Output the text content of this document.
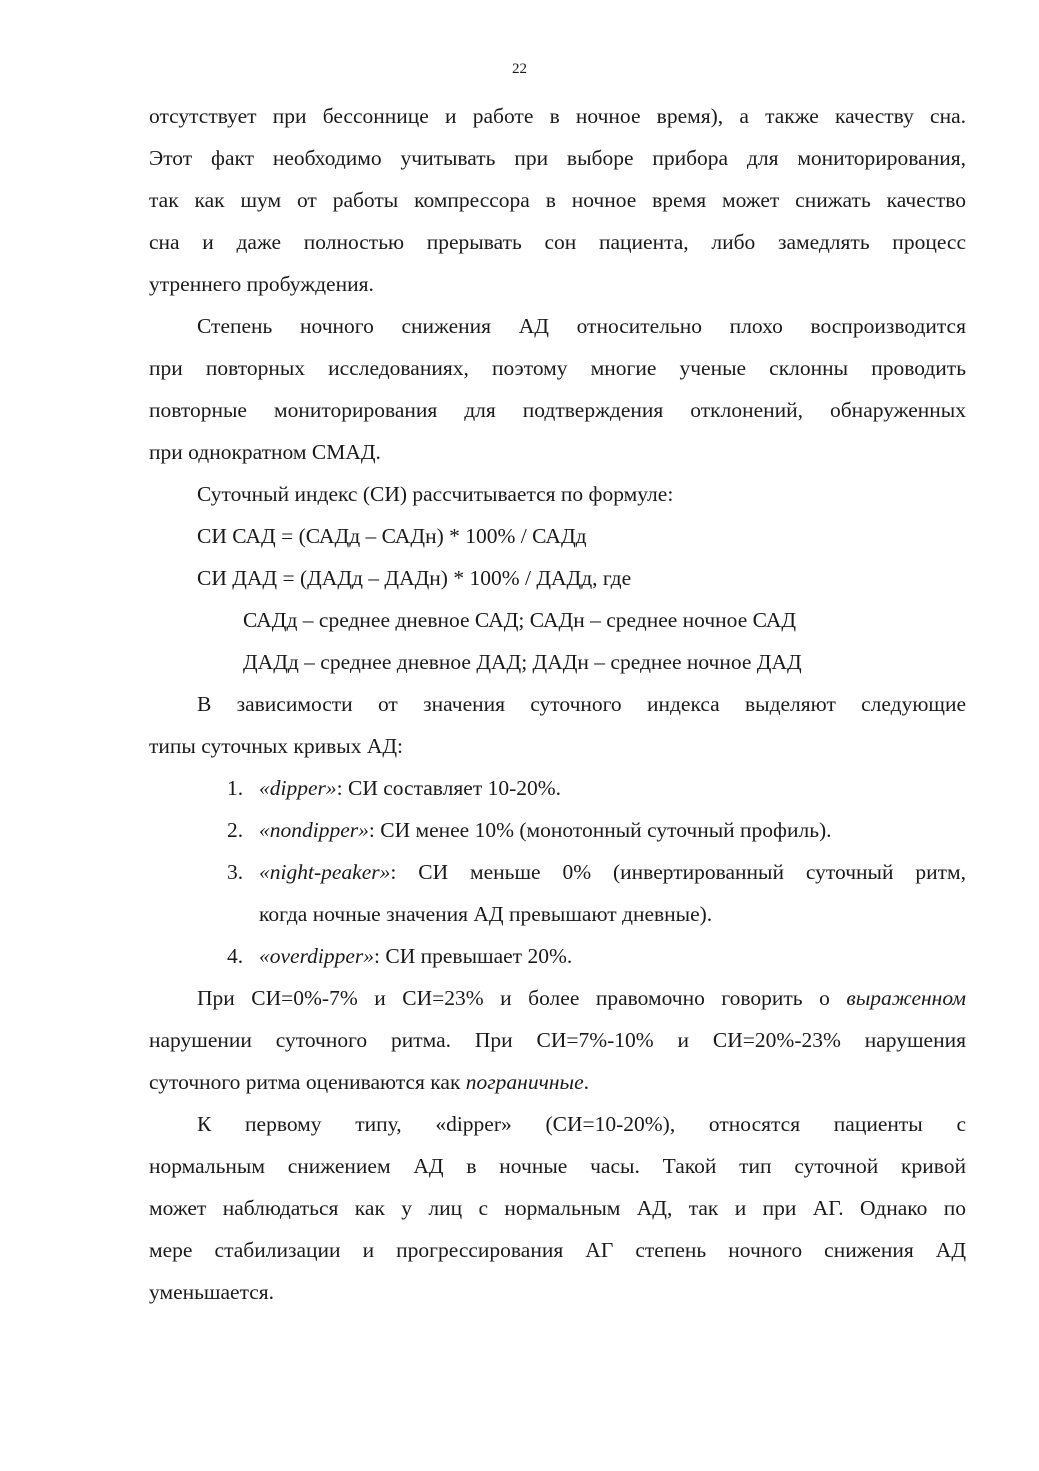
22
отсутствует при бессоннице и работе в ночное время), а также качеству сна.
Этот факт необходимо учитывать при выборе прибора для мониторирования,
так как шум от работы компрессора в ночное время может снижать качество
сна и даже полностью прерывать сон пациента, либо замедлять процесс
утреннего пробуждения.
Степень ночного снижения АД относительно плохо воспроизводится
при повторных исследованиях, поэтому многие ученые склонны проводить
повторные мониторирования для подтверждения отклонений, обнаруженных
при однократном СМАД.
Суточный индекс (СИ) рассчитывается по формуле:
СИ САД = (САДд – САДн) * 100% / САДд
СИ ДАД = (ДАДд – ДАДн) * 100% / ДАДд, где
САДд – среднее дневное САД; САДн – среднее ночное САД
ДАДд – среднее дневное ДАД; ДАДн – среднее ночное ДАД
В зависимости от значения суточного индекса выделяют следующие
типы суточных кривых АД:
1. «dipper»: СИ составляет 10-20%.
2. «nondipper»: СИ менее 10% (монотонный суточный профиль).
3. «night-peaker»: СИ меньше 0% (инвертированный суточный ритм,
когда ночные значения АД превышают дневные).
4. «overdipper»: СИ превышает 20%.
При СИ=0%-7% и СИ=23% и более правомочно говорить о выраженном
нарушении суточного ритма. При СИ=7%-10% и СИ=20%-23% нарушения
суточного ритма оцениваются как пограничные.
К первому типу, «dipper» (СИ=10-20%), относятся пациенты с
нормальным снижением АД в ночные часы. Такой тип суточной кривой
может наблюдаться как у лиц с нормальным АД, так и при АГ. Однако по
мере стабилизации и прогрессирования АГ степень ночного снижения АД
уменьшается.
